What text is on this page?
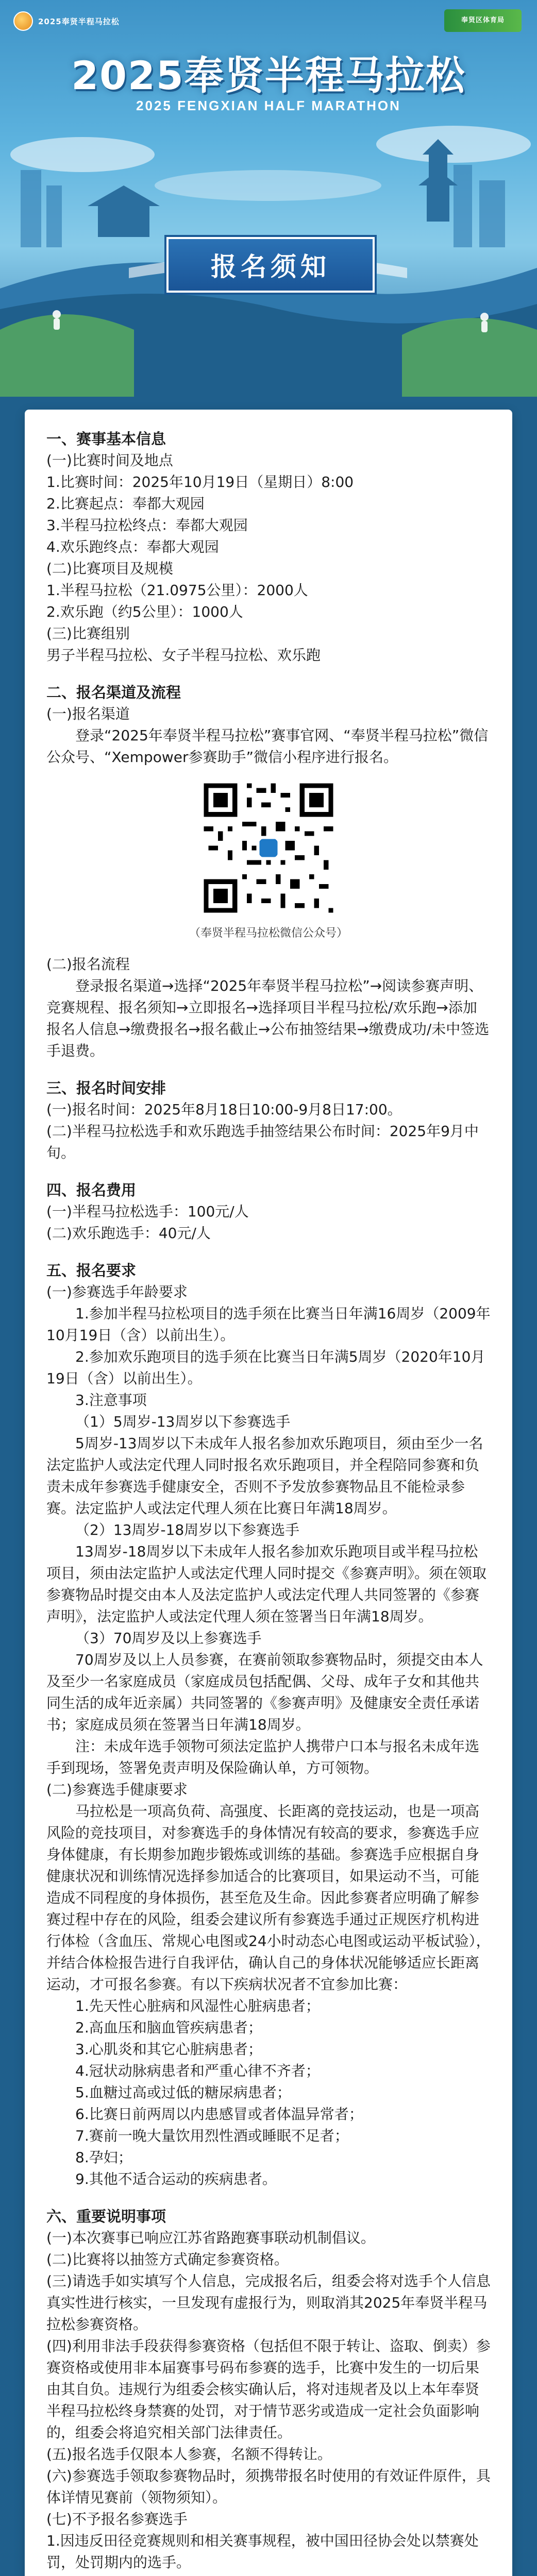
2025奉贤半程马拉松	奉贤区体育局
2025奉贤半程马拉松
2025 FENGXIAN HALF MARATHON
报名须知

一、赛事基本信息

(一)比赛时间及地点

1.比赛时间：2025年10月19日（星期日）8:00

2.比赛起点：奉都大观园

3.半程马拉松终点：奉都大观园

4.欢乐跑终点：奉都大观园

(二)比赛项目及规模

1.半程马拉松（21.0975公里）：2000人

2.欢乐跑（约5公里）：1000人

(三)比赛组别

男子半程马拉松、女子半程马拉松、欢乐跑

二、报名渠道及流程

(一)报名渠道

登录“2025年奉贤半程马拉松”赛事官网、“奉贤半程马拉松”微信公众号、“Xempower参赛助手”微信小程序进行报名。

（奉贤半程马拉松微信公众号）

(二)报名流程

登录报名渠道→选择“2025年奉贤半程马拉松”→阅读参赛声明、竞赛规程、报名须知→立即报名→选择项目半程马拉松/欢乐跑→添加报名人信息→缴费报名→报名截止→公布抽签结果→缴费成功/未中签选手退费。

三、报名时间安排

(一)报名时间：2025年8月18日10:00-9月8日17:00。

(二)半程马拉松选手和欢乐跑选手抽签结果公布时间：2025年9月中旬。

四、报名费用

(一)半程马拉松选手：100元/人

(二)欢乐跑选手：40元/人

五、报名要求

(一)参赛选手年龄要求

1.参加半程马拉松项目的选手须在比赛当日年满16周岁（2009年10月19日（含）以前出生）。

2.参加欢乐跑项目的选手须在比赛当日年满5周岁（2020年10月19日（含）以前出生）。

3.注意事项

（1）5周岁-13周岁以下参赛选手

5周岁-13周岁以下未成年人报名参加欢乐跑项目，须由至少一名法定监护人或法定代理人同时报名欢乐跑项目，并全程陪同参赛和负责未成年参赛选手健康安全，否则不予发放参赛物品且不能检录参赛。法定监护人或法定代理人须在比赛日年满18周岁。

（2）13周岁-18周岁以下参赛选手

13周岁-18周岁以下未成年人报名参加欢乐跑项目或半程马拉松项目，须由法定监护人或法定代理人同时提交《参赛声明》。须在领取参赛物品时提交由本人及法定监护人或法定代理人共同签署的《参赛声明》，法定监护人或法定代理人须在签署当日年满18周岁。

（3）70周岁及以上参赛选手

70周岁及以上人员参赛，在赛前领取参赛物品时，须提交由本人及至少一名家庭成员（家庭成员包括配偶、父母、成年子女和其他共同生活的成年近亲属）共同签署的《参赛声明》及健康安全责任承诺书；家庭成员须在签署当日年满18周岁。

注：未成年选手领物可须法定监护人携带户口本与报名未成年选手到现场，签署免责声明及保险确认单，方可领物。

(二)参赛选手健康要求

马拉松是一项高负荷、高强度、长距离的竞技运动，也是一项高风险的竞技项目，对参赛选手的身体情况有较高的要求，参赛选手应身体健康，有长期参加跑步锻炼或训练的基础。参赛选手应根据自身健康状况和训练情况选择参加适合的比赛项目，如果运动不当，可能造成不同程度的身体损伤，甚至危及生命。因此参赛者应明确了解参赛过程中存在的风险，组委会建议所有参赛选手通过正规医疗机构进行体检（含血压、常规心电图或24小时动态心电图或运动平板试验），并结合体检报告进行自我评估，确认自己的身体状况能够适应长距离运动，才可报名参赛。有以下疾病状况者不宜参加比赛：

1.先天性心脏病和风湿性心脏病患者；

2.高血压和脑血管疾病患者；

3.心肌炎和其它心脏病患者；

4.冠状动脉病患者和严重心律不齐者；

5.血糖过高或过低的糖尿病患者；

6.比赛日前两周以内患感冒或者体温异常者；

7.赛前一晚大量饮用烈性酒或睡眠不足者；

8.孕妇；

9.其他不适合运动的疾病患者。

六、重要说明事项

(一)本次赛事已响应江苏省路跑赛事联动机制倡议。

(二)比赛将以抽签方式确定参赛资格。

(三)请选手如实填写个人信息，完成报名后，组委会将对选手个人信息真实性进行核实，一旦发现有虚报行为，则取消其2025年奉贤半程马拉松参赛资格。

(四)利用非法手段获得参赛资格（包括但不限于转让、盗取、倒卖）参赛资格或使用非本届赛事号码布参赛的选手，比赛中发生的一切后果由其自负。违规行为组委会核实确认后，将对违规者及以上本年奉贤半程马拉松终身禁赛的处罚，对于情节恶劣或造成一定社会负面影响的，组委会将追究相关部门法律责任。

(五)报名选手仅限本人参赛，名额不得转让。

(六)参赛选手领取参赛物品时，须携带报名时使用的有效证件原件，具体详情见赛前（领物须知）。

(七)不予报名参赛选手

1.因违反田径竞赛规则和相关赛事规程，被中国田径协会处以禁赛处罚，处罚期内的选手。
